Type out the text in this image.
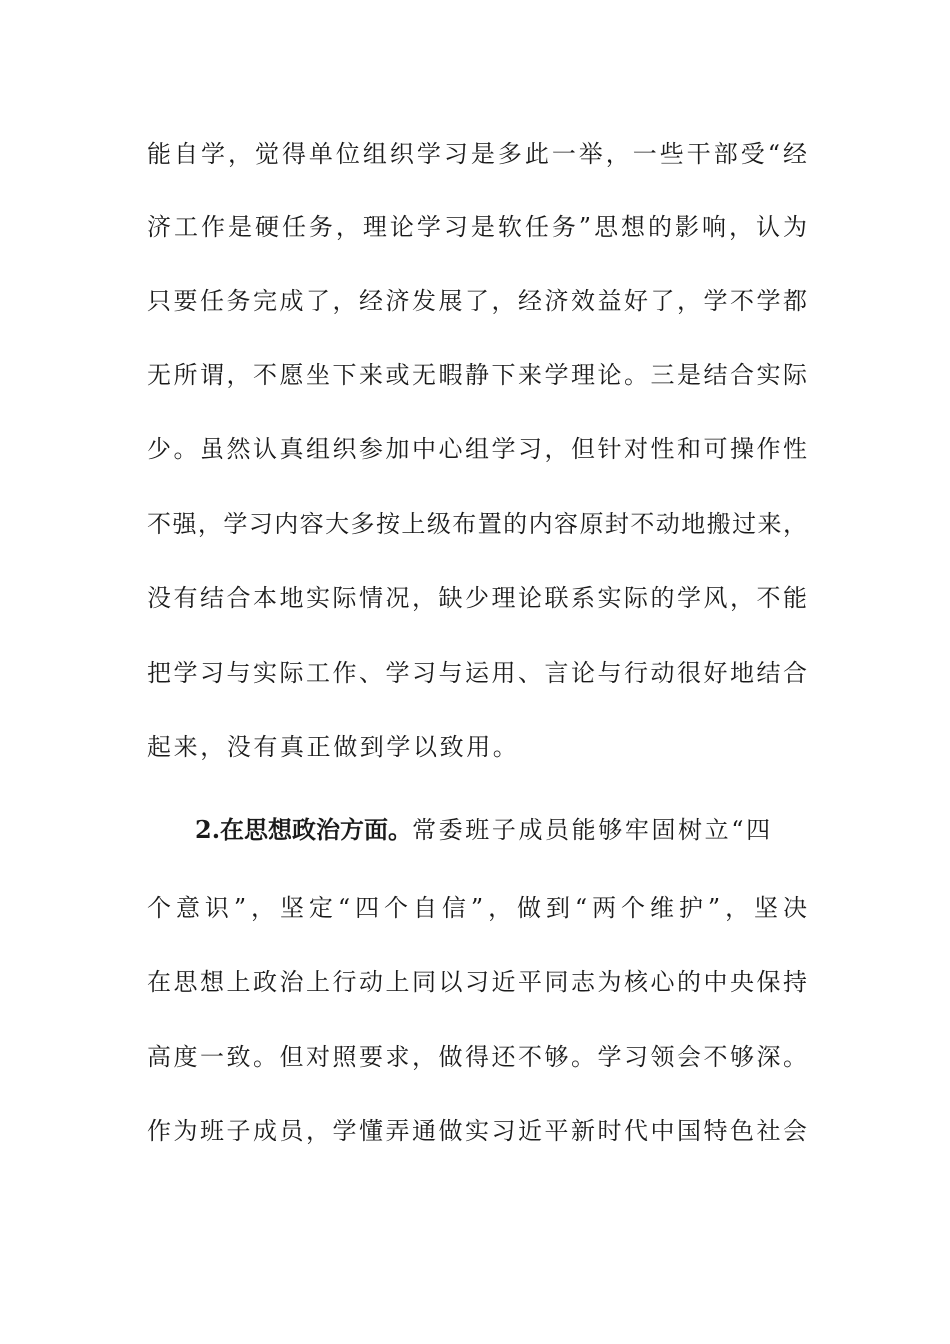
能自学，觉得单位组织学习是多此一举，一些干部受“经
济工作是硬任务，理论学习是软任务”思想的影响，认为
只要任务完成了，经济发展了，经济效益好了，学不学都
无所谓，不愿坐下来或无暇静下来学理论。三是结合实际
少。虽然认真组织参加中心组学习，但针对性和可操作性
不强，学习内容大多按上级布置的内容原封不动地搬过来，
没有结合本地实际情况，缺少理论联系实际的学风，不能
把学习与实际工作、学习与运用、言论与行动很好地结合
起来，没有真正做到学以致用。
2.在思想政治方面。常委班子成员能够牢固树立“四
个意识”，坚定“四个自信”，做到“两个维护”，坚决
在思想上政治上行动上同以习近平同志为核心的中央保持
高度一致。但对照要求，做得还不够。学习领会不够深。
作为班子成员，学懂弄通做实习近平新时代中国特色社会
